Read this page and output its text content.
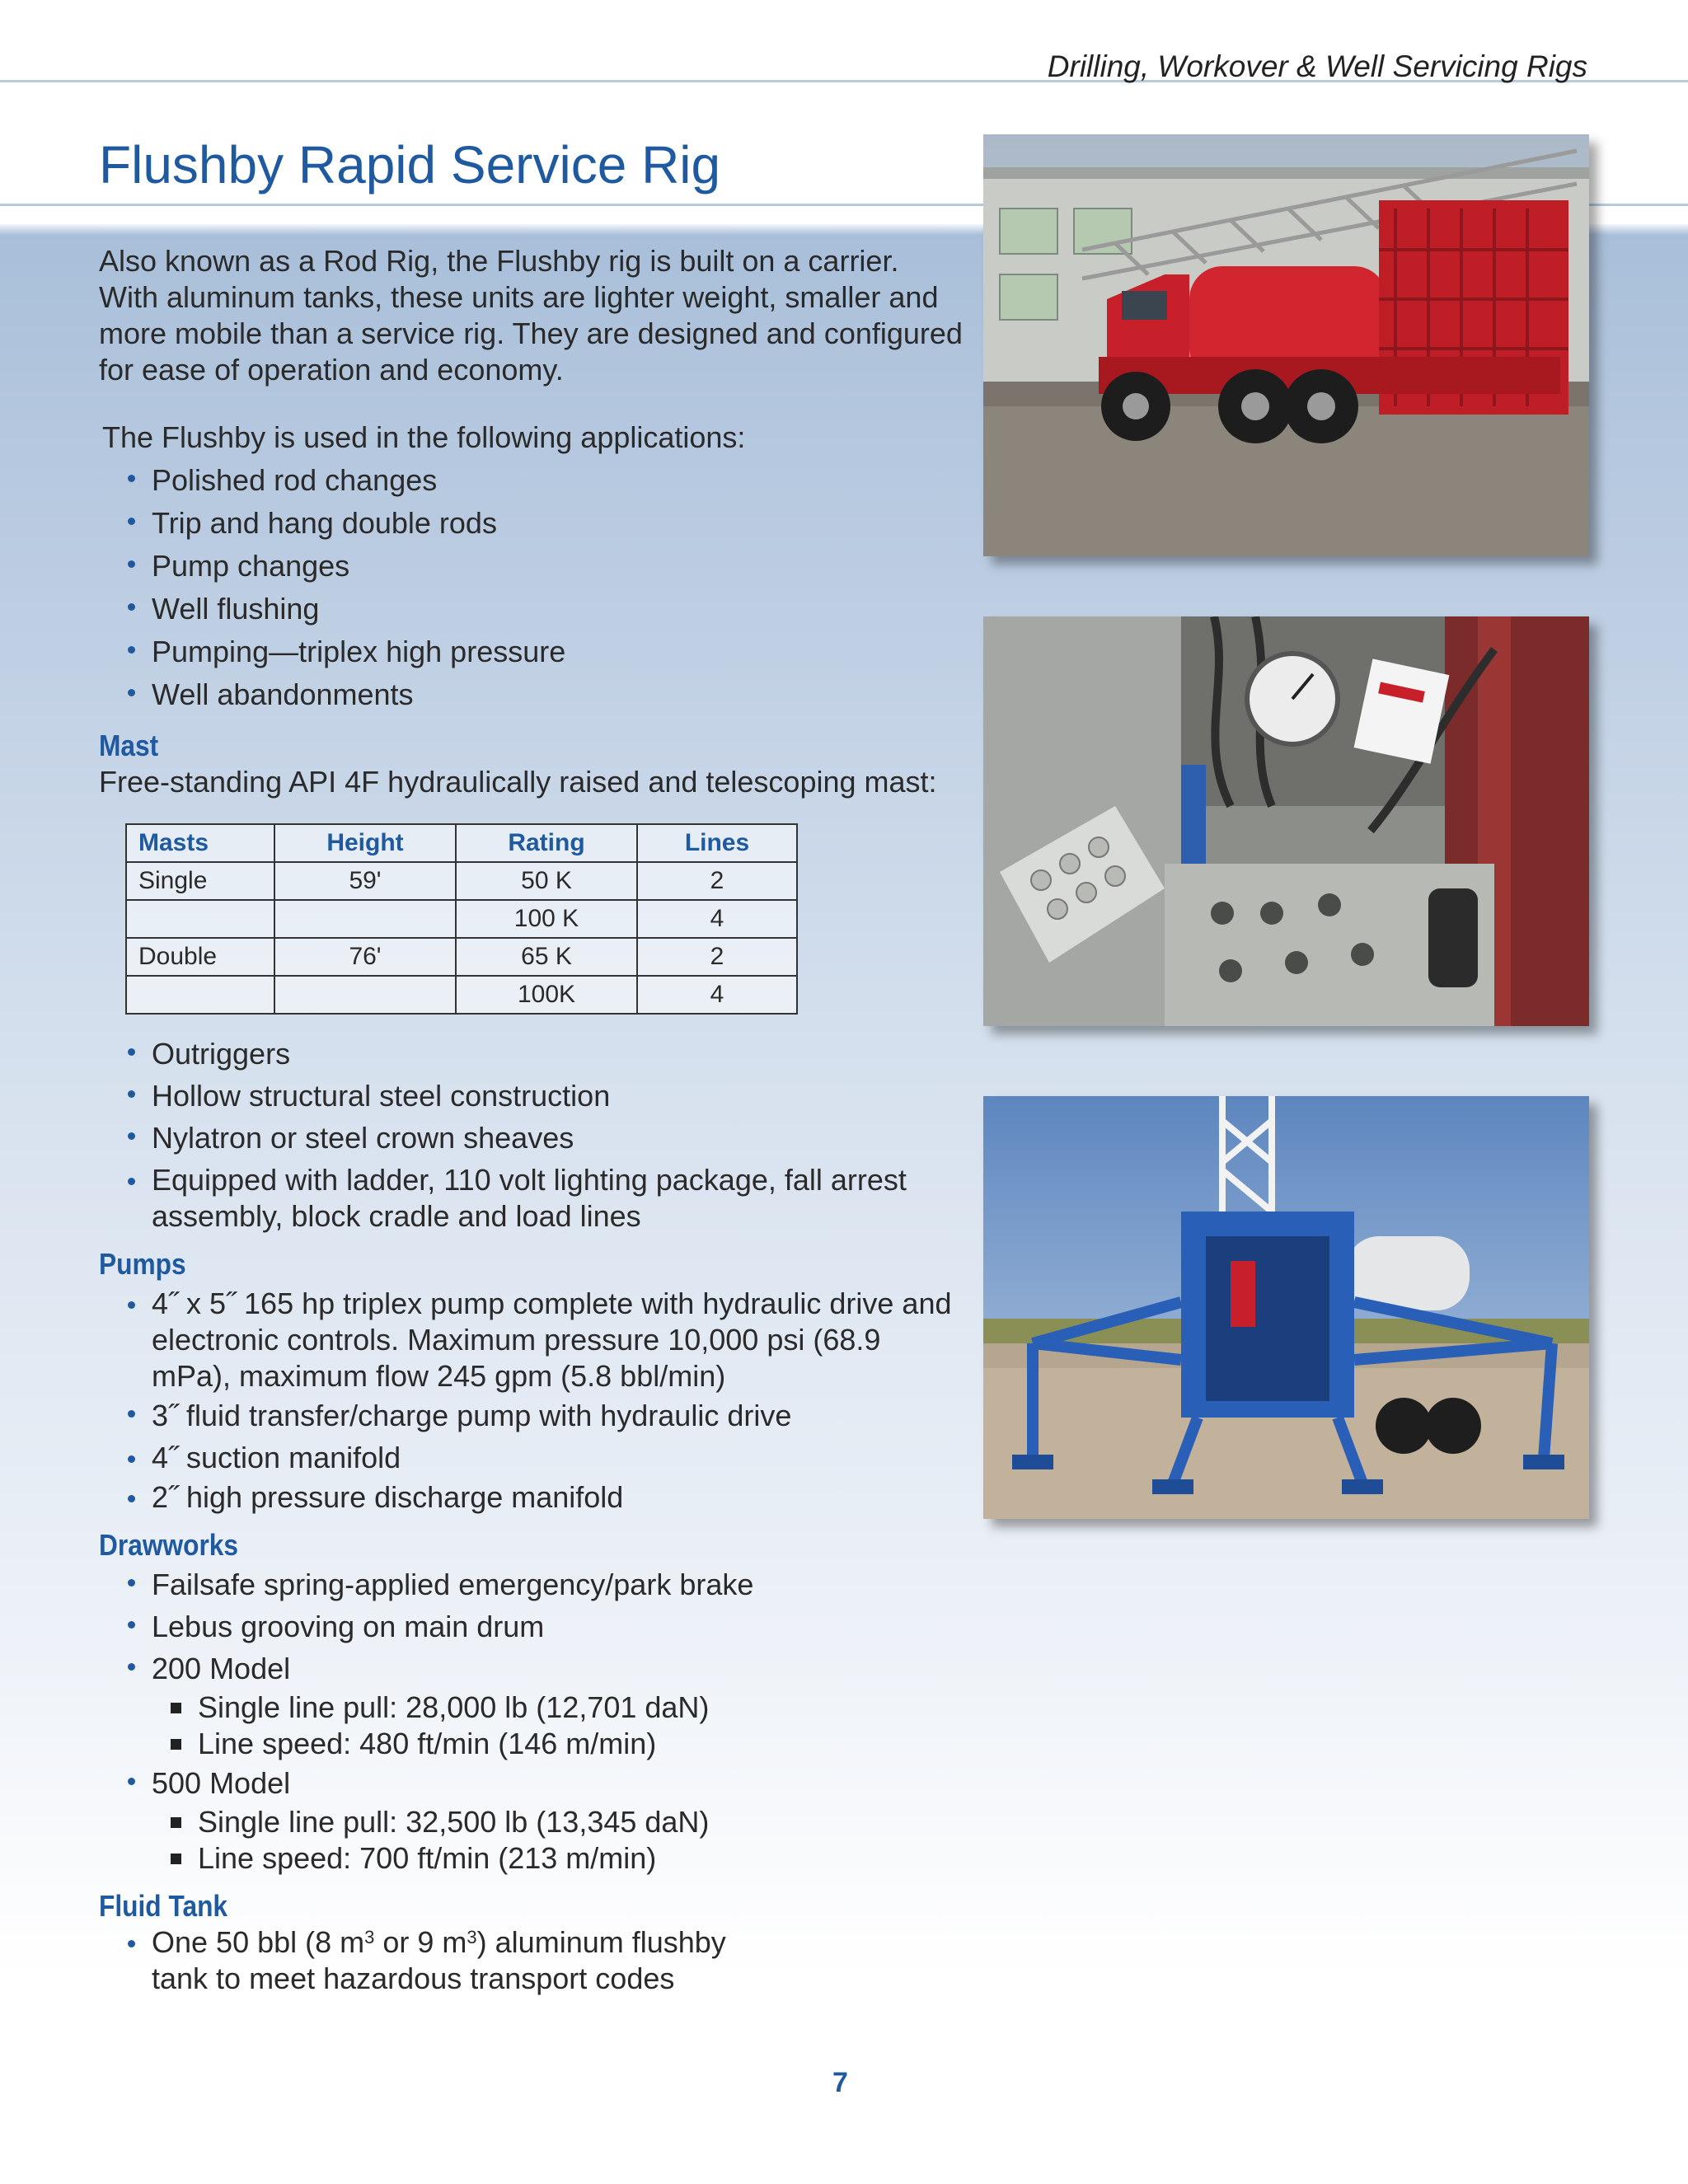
Drilling, Workover & Well Servicing Rigs
Flushby Rapid Service Rig

Also known as a Rod Rig, the Flushby rig is built on a carrier. With aluminum tanks, these units are lighter weight, smaller and more mobile than a service rig. They are designed and configured for ease of operation and economy.

The Flushby is used in the following applications:

Polished rod changes
Trip and hang double rods
Pump changes
Well flushing
Pumping—triplex high pressure
Well abandonments
Mast

Free-standing API 4F hydraulically raised and telescoping mast:

Masts	Height	Rating	Lines
Single	59'	50 K	2
		100 K	4
Double	76'	65 K	2
		100K	4
Outriggers
Hollow structural steel construction
Nylatron or steel crown sheaves
Equipped with ladder, 110 volt lighting package, fall arrest assembly, block cradle and load lines
Pumps
4˝ x 5˝ 165 hp triplex pump complete with hydraulic drive and electronic controls. Maximum pressure 10,000 psi (68.9 mPa), maximum flow 245 gpm (5.8 bbl/min)
3˝ fluid transfer/charge pump with hydraulic drive
4˝ suction manifold
2˝ high pressure discharge manifold
Drawworks
Failsafe spring-applied emergency/park brake
Lebus grooving on main drum
200 Model
Single line pull: 28,000 lb (12,701 daN)
Line speed: 480 ft/min (146 m/min)
500 Model
Single line pull: 32,500 lb (13,345 daN)
Line speed: 700 ft/min (213 m/min)
Fluid Tank
One 50 bbl (8 $m^3$ or 9 $m^3$) aluminum flushby
tank to meet hazardous transport codes
7
